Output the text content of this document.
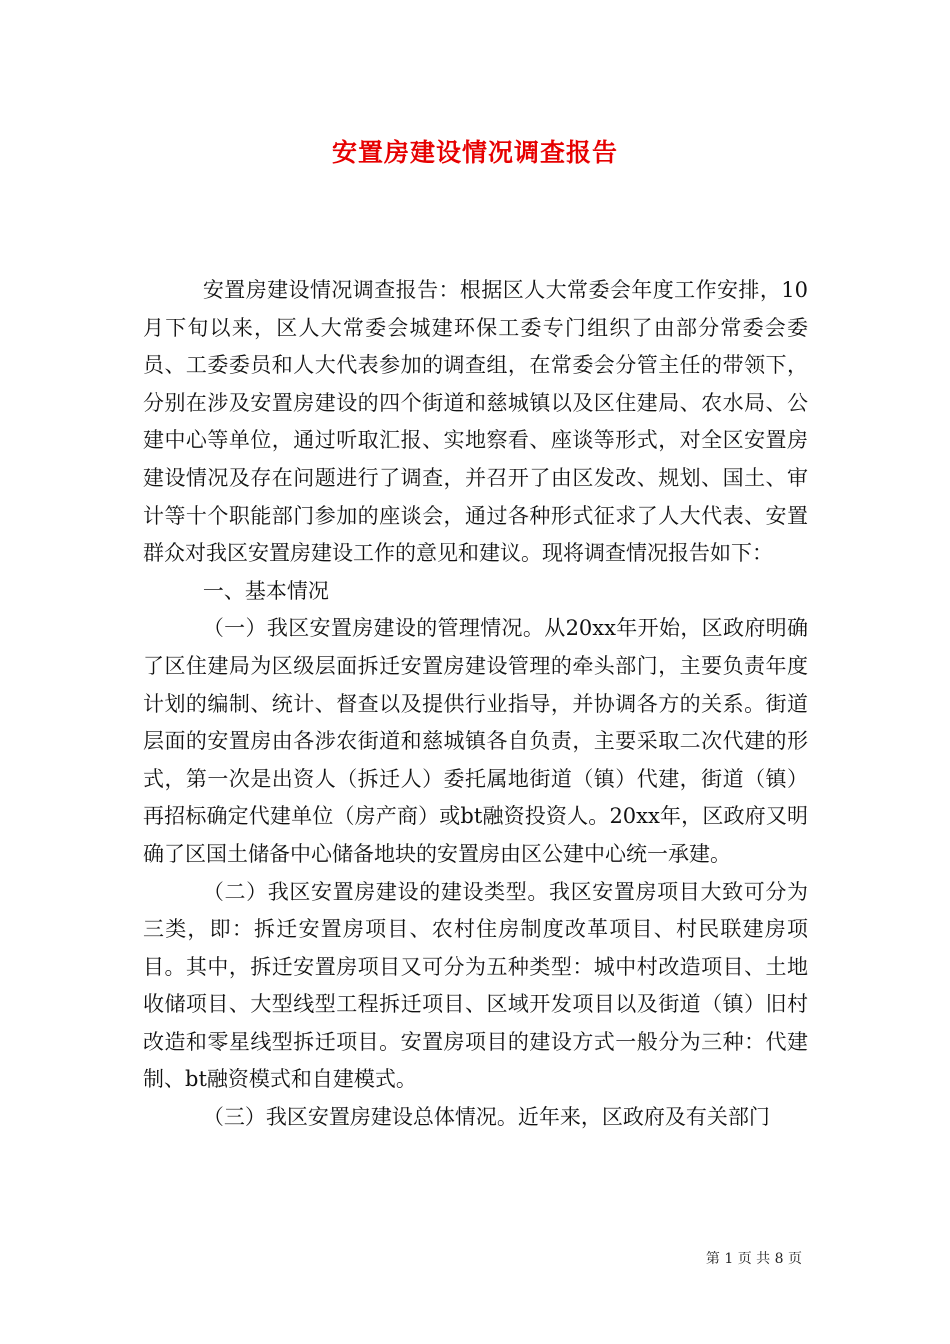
安置房建设情况调查报告

安置房建设情况调查报告：根据区人大常委会年度工作安排，10月下旬以来，区人大常委会城建环保工委专门组织了由部分常委会委员、工委委员和人大代表参加的调查组，在常委会分管主任的带领下，分别在涉及安置房建设的四个街道和慈城镇以及区住建局、农水局、公建中心等单位，通过听取汇报、实地察看、座谈等形式，对全区安置房建设情况及存在问题进行了调查，并召开了由区发改、规划、国土、审计等十个职能部门参加的座谈会，通过各种形式征求了人大代表、安置群众对我区安置房建设工作的意见和建议。现将调查情况报告如下：

一、基本情况

（一）我区安置房建设的管理情况。从20xx年开始，区政府明确了区住建局为区级层面拆迁安置房建设管理的牵头部门，主要负责年度计划的编制、统计、督查以及提供行业指导，并协调各方的关系。街道层面的安置房由各涉农街道和慈城镇各自负责，主要采取二次代建的形式，第一次是出资人（拆迁人）委托属地街道（镇）代建，街道（镇）再招标确定代建单位（房产商）或bt融资投资人。20xx年，区政府又明确了区国土储备中心储备地块的安置房由区公建中心统一承建。

（二）我区安置房建设的建设类型。我区安置房项目大致可分为三类，即：拆迁安置房项目、农村住房制度改革项目、村民联建房项目。其中，拆迁安置房项目又可分为五种类型：城中村改造项目、土地收储项目、大型线型工程拆迁项目、区域开发项目以及街道（镇）旧村改造和零星线型拆迁项目。安置房项目的建设方式一般分为三种：代建制、bt融资模式和自建模式。

（三）我区安置房建设总体情况。近年来，区政府及有关部门

第 1 页 共 8 页
